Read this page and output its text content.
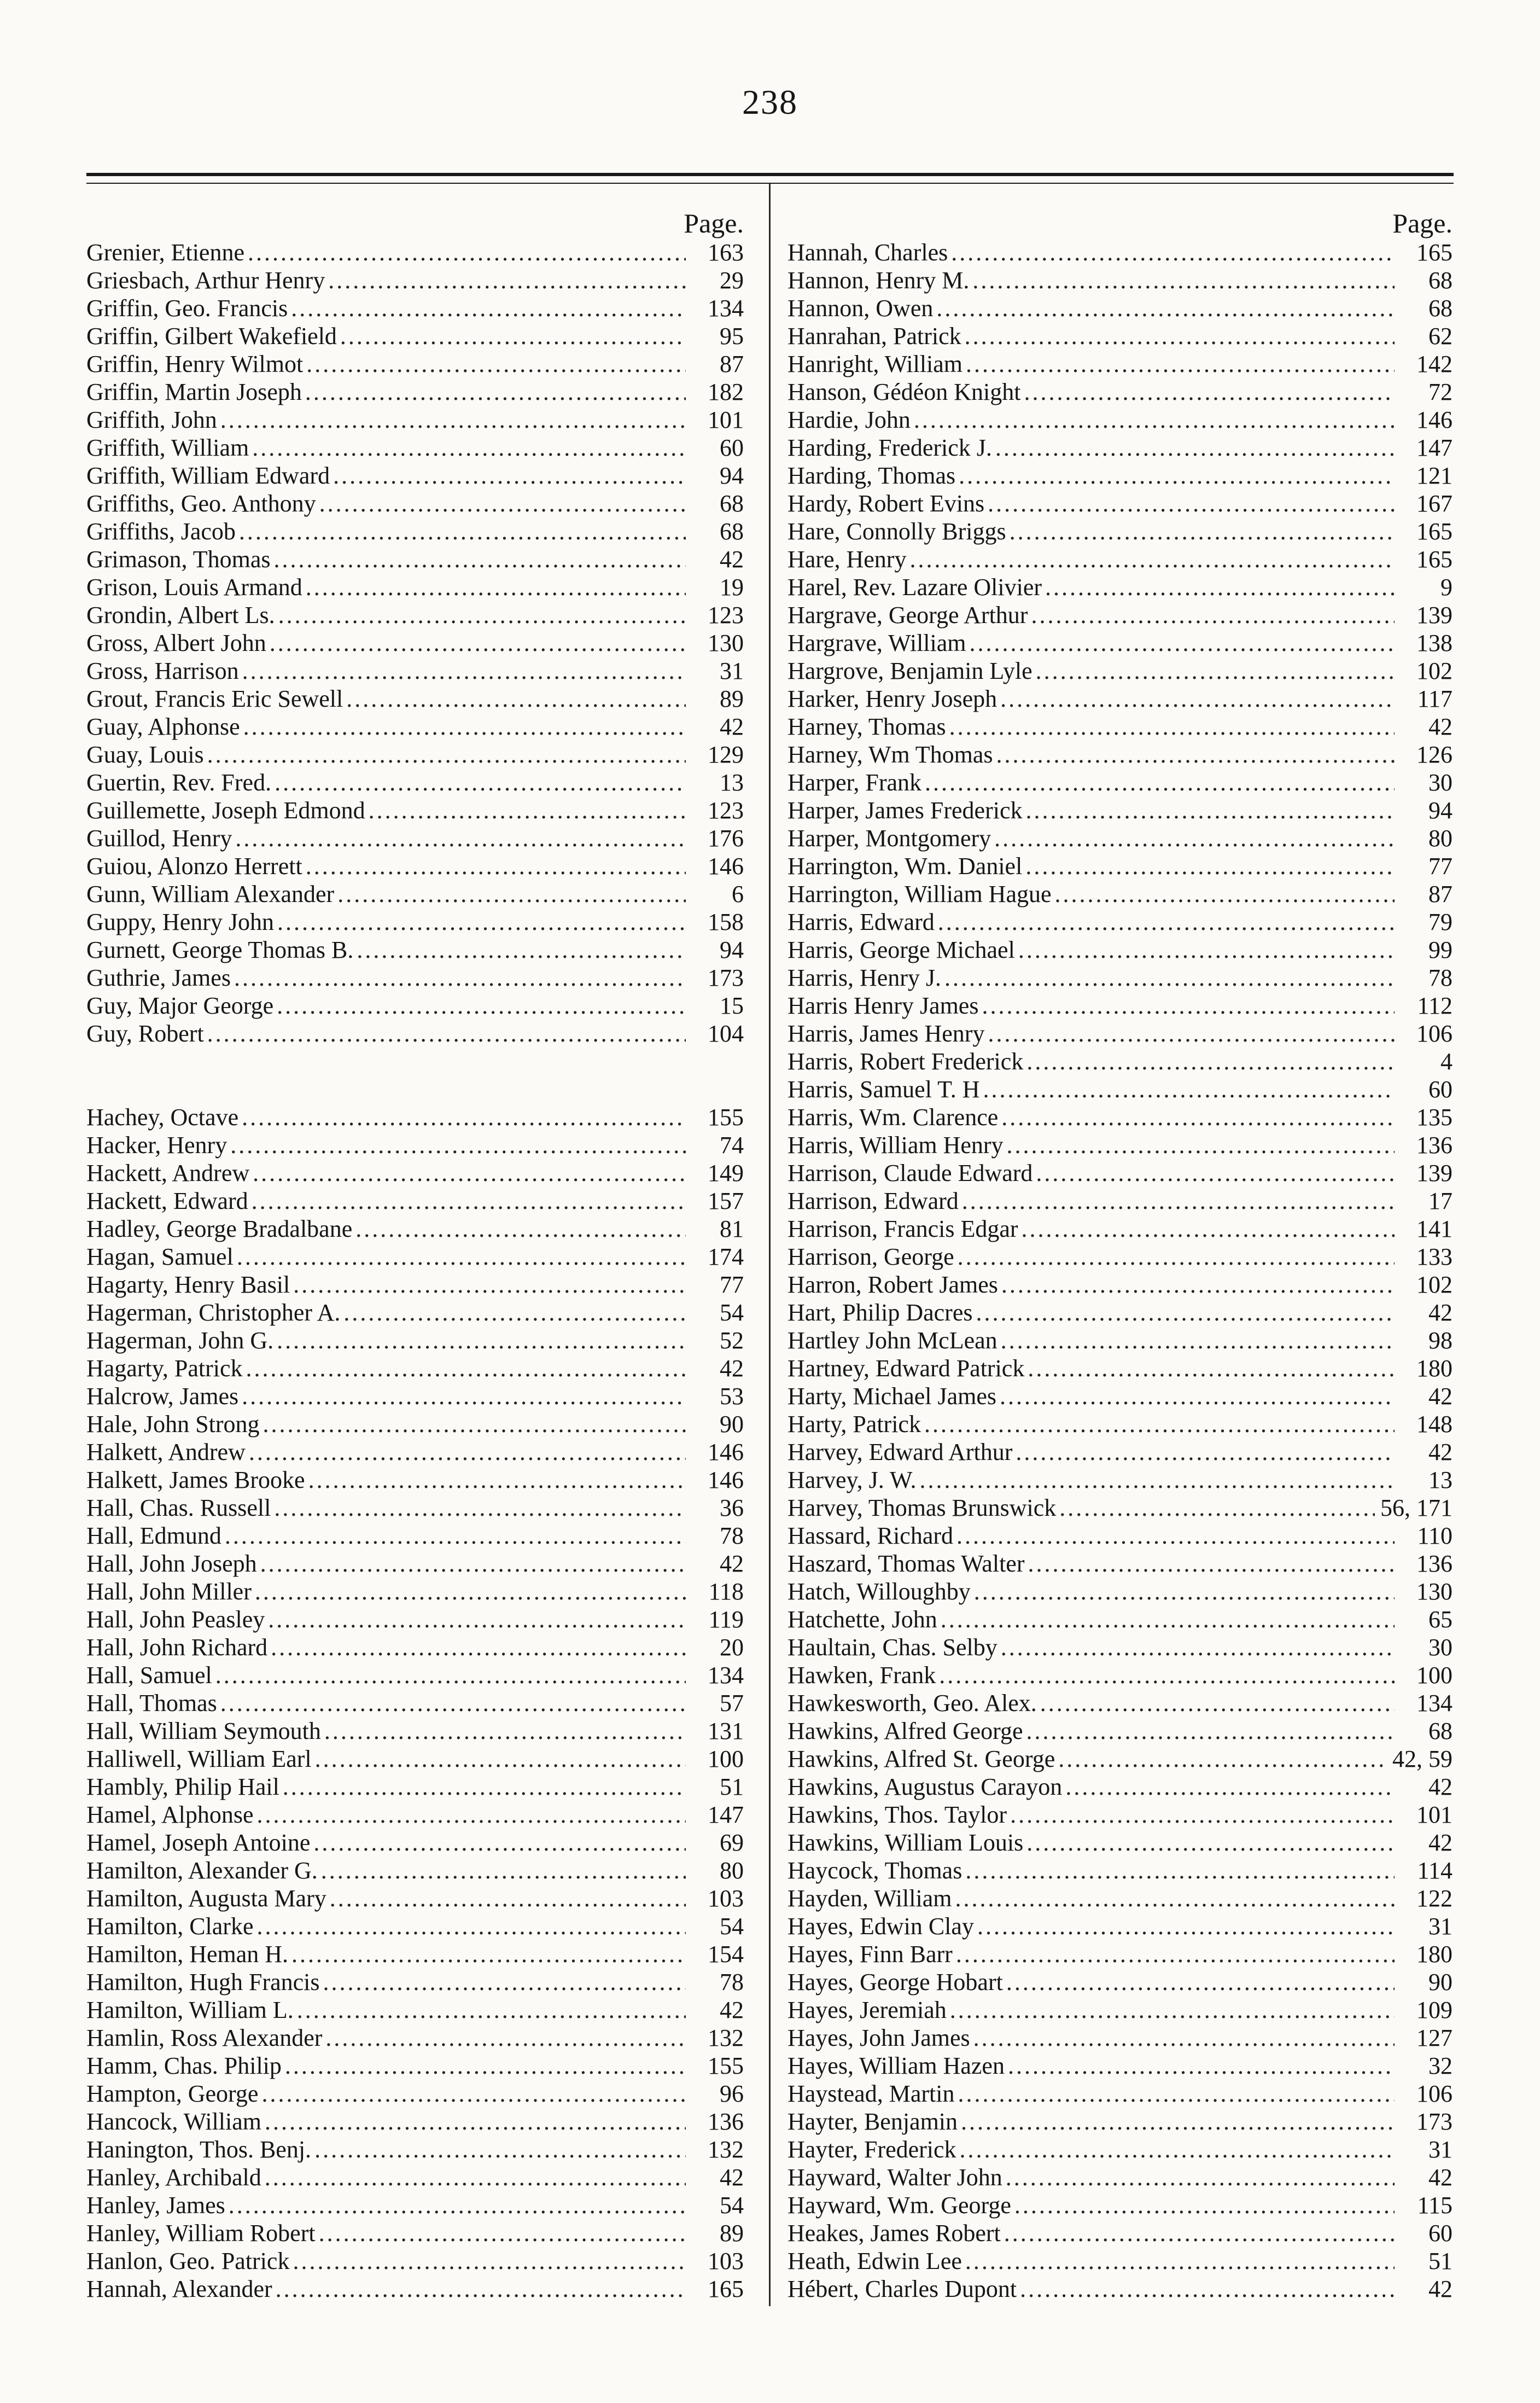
238
Page.
Grenier, Etienne .....	163
Griesbach, Arthur Henry .....	29
Griffin, Geo. Francis .....	134
Griffin, Gilbert Wakefield .....	95
Griffin, Henry Wilmot .....	87
Griffin, Martin Joseph .....	182
Griffith, John .....	101
Griffith, William .....	60
Griffith, William Edward .....	94
Griffiths, Geo. Anthony .....	68
Griffiths, Jacob .....	68
Grimason, Thomas .....	42
Grison, Louis Armand .....	19
Grondin, Albert Ls. .....	123
Gross, Albert John .....	130
Gross, Harrison .....	31
Grout, Francis Eric Sewell .....	89
Guay, Alphonse .....	42
Guay, Louis .....	129
Guertin, Rev. Fred. .....	13
Guillemette, Joseph Edmond .....	123
Guillod, Henry .....	176
Guiou, Alonzo Herrett .....	146
Gunn, William Alexander .....	6
Guppy, Henry John .....	158
Gurnett, George Thomas B. .....	94
Guthrie, James .....	173
Guy, Major George .....	15
Guy, Robert .....	104
Hachey, Octave .....	155
Hacker, Henry .....	74
Hackett, Andrew .....	149
Hackett, Edward .....	157
Hadley, George Bradalbane .....	81
Hagan, Samuel .....	174
Hagarty, Henry Basil .....	77
Hagerman, Christopher A. .....	54
Hagerman, John G. .....	52
Hagarty, Patrick .....	42
Halcrow, James .....	53
Hale, John Strong .....	90
Halkett, Andrew .....	146
Halkett, James Brooke .....	146
Hall, Chas. Russell .....	36
Hall, Edmund .....	78
Hall, John Joseph .....	42
Hall, John Miller .....	118
Hall, John Peasley .....	119
Hall, John Richard .....	20
Hall, Samuel .....	134
Hall, Thomas .....	57
Hall, William Seymouth .....	131
Halliwell, William Earl .....	100
Hambly, Philip Hail .....	51
Hamel, Alphonse .....	147
Hamel, Joseph Antoine .....	69
Hamilton, Alexander G. .....	80
Hamilton, Augusta Mary .....	103
Hamilton, Clarke .....	54
Hamilton, Heman H. .....	154
Hamilton, Hugh Francis .....	78
Hamilton, William L. .....	42
Hamlin, Ross Alexander .....	132
Hamm, Chas. Philip .....	155
Hampton, George .....	96
Hancock, William .....	136
Hanington, Thos. Benj. .....	132
Hanley, Archibald .....	42
Hanley, James .....	54
Hanley, William Robert .....	89
Hanlon, Geo. Patrick .....	103
Hannah, Alexander .....	165
Page.
Hannah, Charles .....	165
Hannon, Henry M. .....	68
Hannon, Owen .....	68
Hanrahan, Patrick .....	62
Hanright, William .....	142
Hanson, Gédéon Knight .....	72
Hardie, John .....	146
Harding, Frederick J. .....	147
Harding, Thomas .....	121
Hardy, Robert Evins .....	167
Hare, Connolly Briggs .....	165
Hare, Henry .....	165
Harel, Rev. Lazare Olivier .....	9
Hargrave, George Arthur .....	139
Hargrave, William .....	138
Hargrove, Benjamin Lyle .....	102
Harker, Henry Joseph .....	117
Harney, Thomas .....	42
Harney, Wm Thomas .....	126
Harper, Frank .....	30
Harper, James Frederick .....	94
Harper, Montgomery .....	80
Harrington, Wm. Daniel .....	77
Harrington, William Hague .....	87
Harris, Edward .....	79
Harris, George Michael .....	99
Harris, Henry J. .....	78
Harris Henry James .....	112
Harris, James Henry .....	106
Harris, Robert Frederick .....	4
Harris, Samuel T. H .....	60
Harris, Wm. Clarence .....	135
Harris, William Henry .....	136
Harrison, Claude Edward .....	139
Harrison, Edward .....	17
Harrison, Francis Edgar .....	141
Harrison, George .....	133
Harron, Robert James .....	102
Hart, Philip Dacres .....	42
Hartley John McLean .....	98
Hartney, Edward Patrick .....	180
Harty, Michael James .....	42
Harty, Patrick .....	148
Harvey, Edward Arthur .....	42
Harvey, J. W. .....	13
Harvey, Thomas Brunswick .....	56, 171
Hassard, Richard .....	110
Haszard, Thomas Walter .....	136
Hatch, Willoughby .....	130
Hatchette, John .....	65
Haultain, Chas. Selby .....	30
Hawken, Frank .....	100
Hawkesworth, Geo. Alex. .....	134
Hawkins, Alfred George .....	68
Hawkins, Alfred St. George .....	42, 59
Hawkins, Augustus Carayon .....	42
Hawkins, Thos. Taylor .....	101
Hawkins, William Louis .....	42
Haycock, Thomas .....	114
Hayden, William .....	122
Hayes, Edwin Clay .....	31
Hayes, Finn Barr .....	180
Hayes, George Hobart .....	90
Hayes, Jeremiah .....	109
Hayes, John James .....	127
Hayes, William Hazen .....	32
Haystead, Martin .....	106
Hayter, Benjamin .....	173
Hayter, Frederick .....	31
Hayward, Walter John .....	42
Hayward, Wm. George .....	115
Heakes, James Robert .....	60
Heath, Edwin Lee .....	51
Hébert, Charles Dupont .....	42
